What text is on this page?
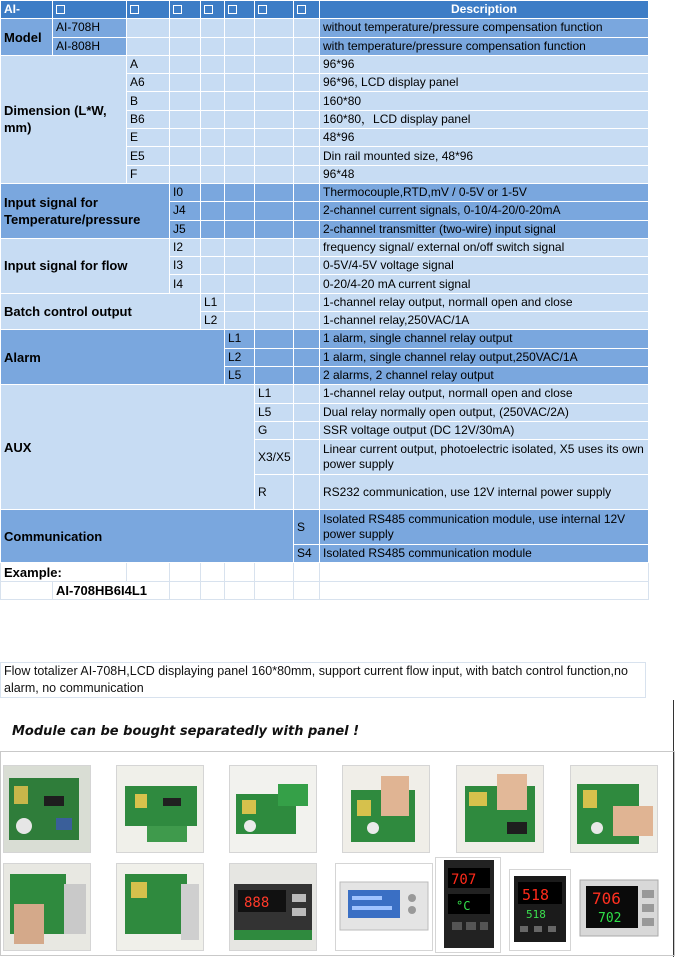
AI-								Description
Model	AI-708H							without temperature/pressure compensation function
	AI-808H							with temperature/pressure compensation function
Dimension (L*W, mm)		A						96*96
		A6						96*96, LCD display panel
		B						160*80
		B6						160*80，LCD display panel
		E						48*96
		E5						Din rail mounted size, 48*96
		F						96*48
Input signal for Temperature/pressure			I0					Thermocouple,RTD,mV / 0-5V or 1-5V
			J4					2-channel current signals, 0-10/4-20/0-20mA
			J5					2-channel transmitter (two-wire) input signal
Input signal for flow			I2					frequency signal/ external on/off switch signal
			I3					0-5V/4-5V voltage signal
			I4					0-20/4-20 mA current signal
Batch control output				L1				1-channel relay output, normall open and close
				L2				1-channel relay,250VAC/1A
Alarm					L1			1 alarm, single channel relay output
					L2			1 alarm, single channel relay output,250VAC/1A
					L5			2 alarms, 2 channel relay output
AUX						L1		1-channel relay output, normall open and close
						L5		Dual relay normally open output, (250VAC/2A)
						G		SSR voltage output (DC 12V/30mA)
						X3/X5		Linear current output, photoelectric isolated, X5 uses its own power supply
						R		RS232 communication, use 12V internal power supply
Communication							S	Isolated RS485 communication module, use internal 12V power supply
							S4	Isolated RS485 communication module
Example:								
	AI-708HB6I4L1							
Flow totalizer AI-708H,LCD displaying panel 160*80mm, support current flow input, with batch control function,no alarm, no communication
Module can be bought separatedly with panel !
888
707
°C
518
518
706
702
